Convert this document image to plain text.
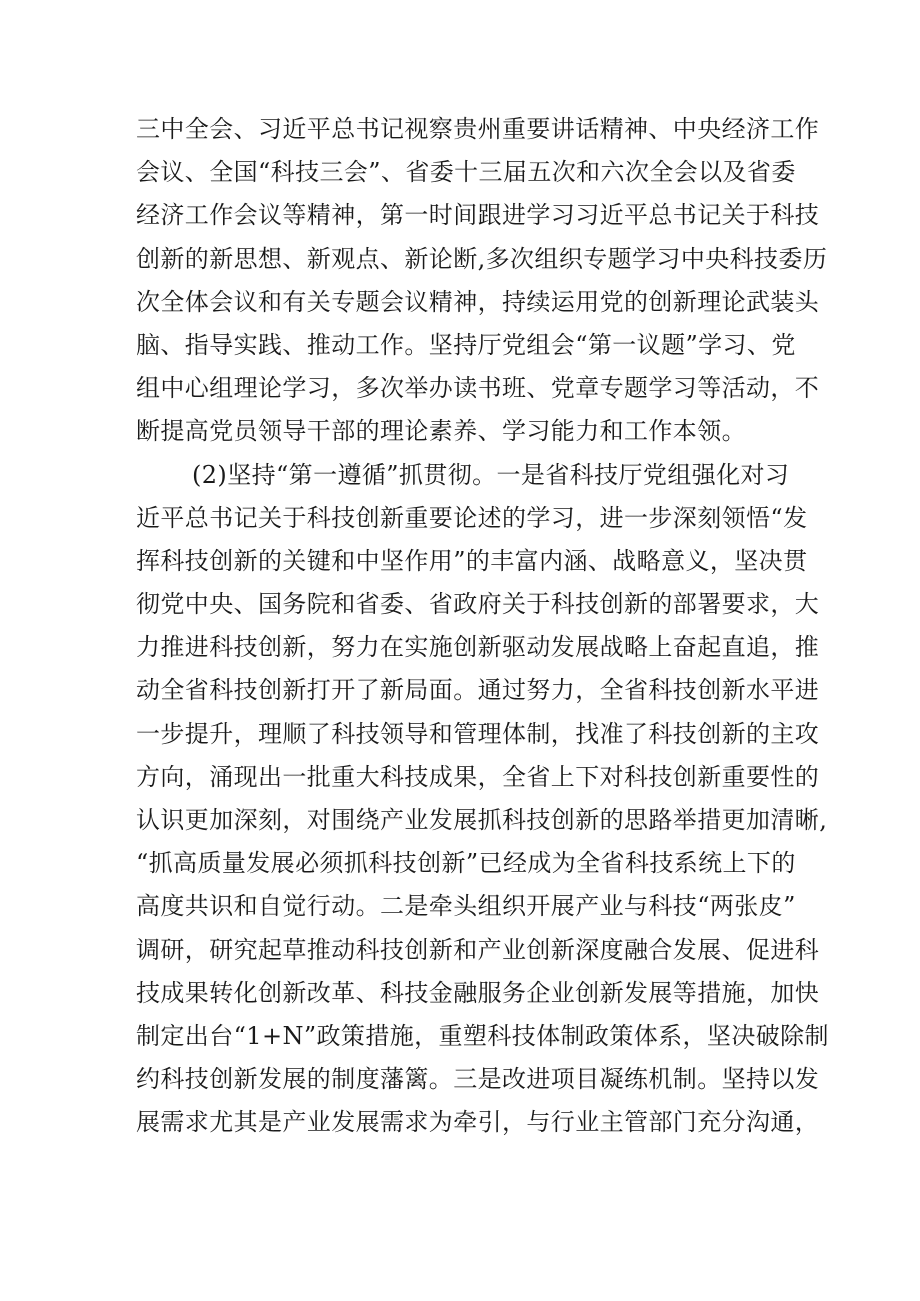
三中全会、习近平总书记视察贵州重要讲话精神、中央经济工作
会议、全国“科技三会”、省委十三届五次和六次全会以及省委
经济工作会议等精神，第一时间跟进学习习近平总书记关于科技
创新的新思想、新观点、新论断,多次组织专题学习中央科技委历
次全体会议和有关专题会议精神，持续运用党的创新理论武装头
脑、指导实践、推动工作。坚持厅党组会“第一议题”学习、党
组中心组理论学习，多次举办读书班、党章专题学习等活动，不
断提高党员领导干部的理论素养、学习能力和工作本领。
(2)坚持“第一遵循”抓贯彻。一是省科技厅党组强化对习
近平总书记关于科技创新重要论述的学习，进一步深刻领悟“发
挥科技创新的关键和中坚作用”的丰富内涵、战略意义，坚决贯
彻党中央、国务院和省委、省政府关于科技创新的部署要求，大
力推进科技创新，努力在实施创新驱动发展战略上奋起直追，推
动全省科技创新打开了新局面。通过努力，全省科技创新水平进
一步提升，理顺了科技领导和管理体制，找准了科技创新的主攻
方向，涌现出一批重大科技成果，全省上下对科技创新重要性的
认识更加深刻，对围绕产业发展抓科技创新的思路举措更加清晰,
“抓高质量发展必须抓科技创新”已经成为全省科技系统上下的
高度共识和自觉行动。二是牵头组织开展产业与科技“两张皮”
调研，研究起草推动科技创新和产业创新深度融合发展、促进科
技成果转化创新改革、科技金融服务企业创新发展等措施，加快
制定出台“1+N”政策措施，重塑科技体制政策体系，坚决破除制
约科技创新发展的制度藩篱。三是改进项目凝练机制。坚持以发
展需求尤其是产业发展需求为牵引，与行业主管部门充分沟通，
